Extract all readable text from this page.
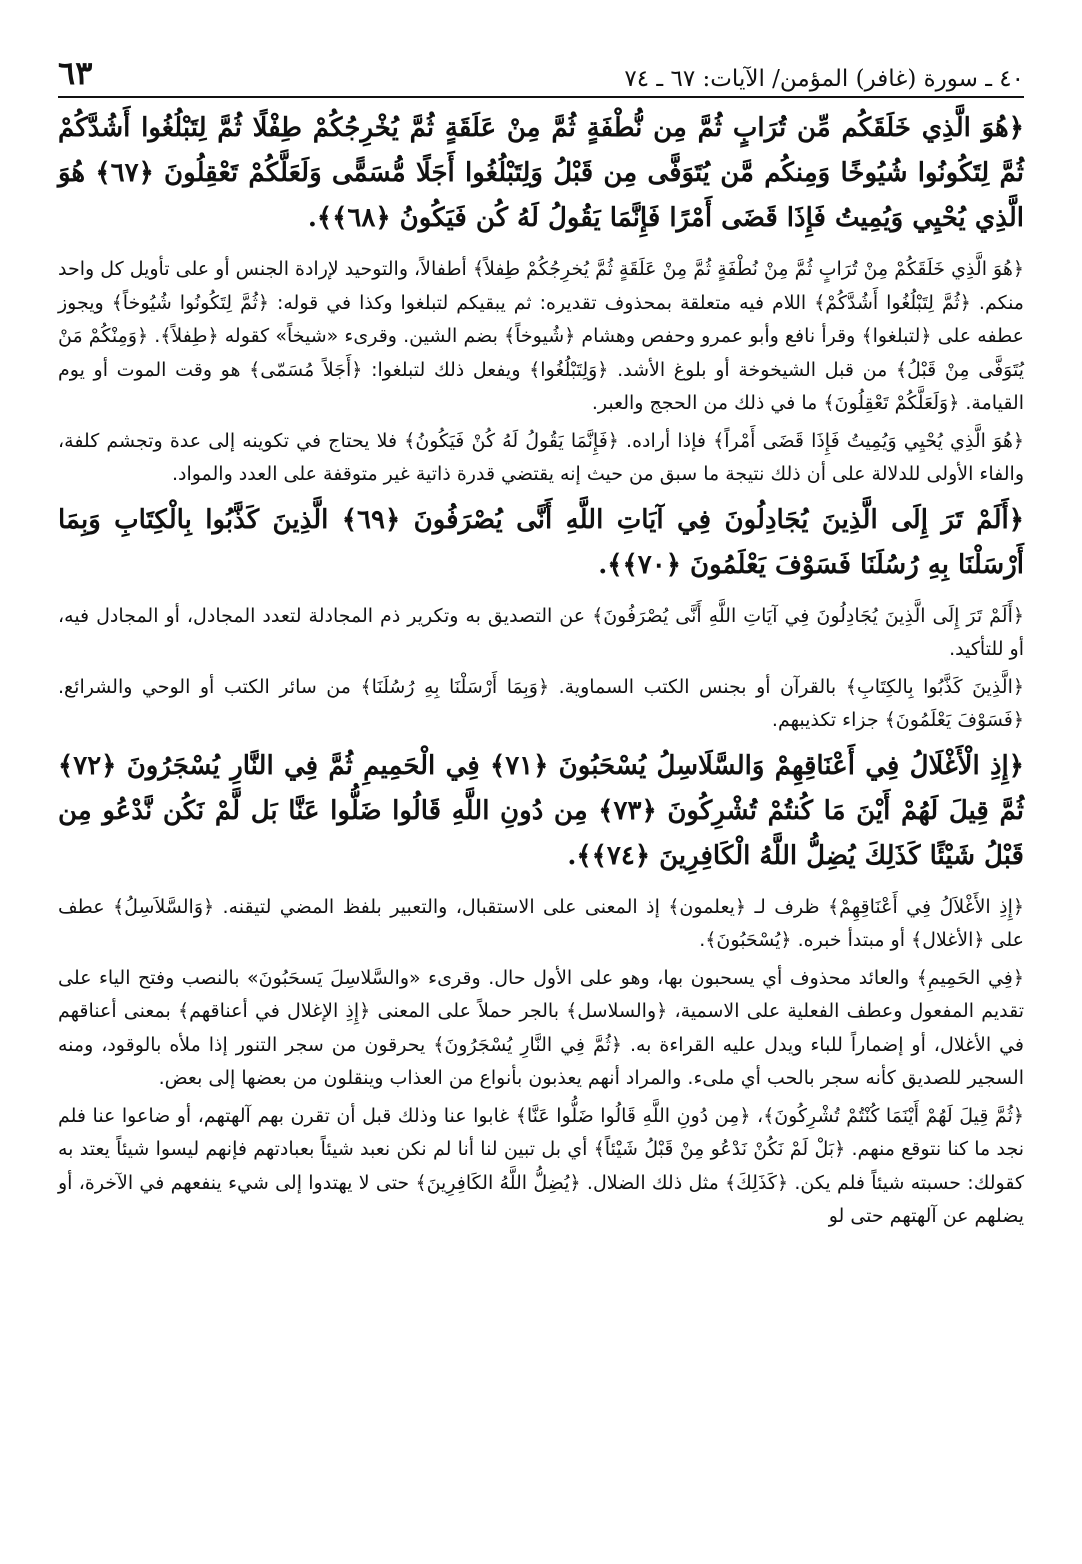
٤٠ ـ سورة (غافر) المؤمن/ الآيات: ٦٧ ـ ٧٤
٦٣

﴿هُوَ الَّذِي خَلَقَكُم مِّن تُرَابٍ ثُمَّ مِن نُّطْفَةٍ ثُمَّ مِنْ عَلَقَةٍ ثُمَّ يُخْرِجُكُمْ طِفْلًا ثُمَّ لِتَبْلُغُوا أَشُدَّكُمْ ثُمَّ لِتَكُونُوا شُيُوخًا وَمِنكُم مَّن يُتَوَفَّى مِن قَبْلُ وَلِتَبْلُغُوا أَجَلًا مُّسَمًّى وَلَعَلَّكُمْ تَعْقِلُونَ ﴿٦٧﴾ هُوَ الَّذِي يُحْيِي وَيُمِيتُ فَإِذَا قَضَى أَمْرًا فَإِنَّمَا يَقُولُ لَهُ كُن فَيَكُونُ ﴿٦٨﴾﴾.

﴿هُوَ الَّذِي خَلَقَكُمْ مِنْ تُرَابٍ ثُمَّ مِنْ نُطْفَةٍ ثُمَّ مِنْ عَلَقَةٍ ثُمَّ يُخرِجُكُمْ طِفلاً﴾ أطفالاً، والتوحيد لإرادة الجنس أو على تأويل كل واحد منكم. ﴿ثُمَّ لِتَبْلُغُوا أَشُدَّكُمْ﴾ اللام فيه متعلقة بمحذوف تقديره: ثم يبقيكم لتبلغوا وكذا في قوله: ﴿ثُمَّ لِتَكُونُوا شُيُوخاً﴾ ويجوز عطفه على ﴿لتبلغوا﴾ وقرأ نافع وأبو عمرو وحفص وهشام ﴿شُيوخاً﴾ بضم الشين. وقرىء «شيخاً» كقوله ﴿طِفلاً﴾. ﴿وَمِنْكُمْ مَنْ يُتَوَفَّى مِنْ قَبْلُ﴾ من قبل الشيخوخة أو بلوغ الأشد. ﴿وَلِتَبْلُغُوا﴾ ويفعل ذلك لتبلغوا: ﴿أَجَلاً مُسَمّى﴾ هو وقت الموت أو يوم القيامة. ﴿وَلَعَلَّكُمْ تَعْقِلُونَ﴾ ما في ذلك من الحجج والعبر.

﴿هُوَ الَّذِي يُحْيِي وَيُمِيتُ فَإِذَا قَضَى أَمْراً﴾ فإذا أراده. ﴿فَإِنَّمَا يَقُولُ لَهُ كُنْ فَيَكُونُ﴾ فلا يحتاج في تكوينه إلى عدة وتجشم كلفة، والفاء الأولى للدلالة على أن ذلك نتيجة ما سبق من حيث إنه يقتضي قدرة ذاتية غير متوقفة على العدد والمواد.

﴿أَلَمْ تَرَ إِلَى الَّذِينَ يُجَادِلُونَ فِي آيَاتِ اللَّهِ أَنَّى يُصْرَفُونَ ﴿٦٩﴾ الَّذِينَ كَذَّبُوا بِالْكِتَابِ وَبِمَا أَرْسَلْنَا بِهِ رُسُلَنَا فَسَوْفَ يَعْلَمُونَ ﴿٧٠﴾﴾.

﴿أَلَمْ تَرَ إِلَى الَّذِينَ يُجَادِلُونَ فِي آيَاتِ اللَّهِ أَنَّى يُصْرَفُونَ﴾ عن التصديق به وتكرير ذم المجادلة لتعدد المجادل، أو المجادل فيه، أو للتأكيد.

﴿الَّذِينَ كَذَّبُوا بِالكِتَابِ﴾ بالقرآن أو بجنس الكتب السماوية. ﴿وَبِمَا أَرْسَلْنَا بِهِ رُسُلَنَا﴾ من سائر الكتب أو الوحي والشرائع. ﴿فَسَوْفَ يَعْلَمُونَ﴾ جزاء تكذيبهم.

﴿إِذِ الْأَغْلَالُ فِي أَعْنَاقِهِمْ وَالسَّلَاسِلُ يُسْحَبُونَ ﴿٧١﴾ فِي الْحَمِيمِ ثُمَّ فِي النَّارِ يُسْجَرُونَ ﴿٧٢﴾ ثُمَّ قِيلَ لَهُمْ أَيْنَ مَا كُنتُمْ تُشْرِكُونَ ﴿٧٣﴾ مِن دُونِ اللَّهِ قَالُوا ضَلُّوا عَنَّا بَل لَّمْ نَكُن نَّدْعُو مِن قَبْلُ شَيْئًا كَذَلِكَ يُضِلُّ اللَّهُ الْكَافِرِينَ ﴿٧٤﴾﴾.

﴿إِذِ الأَغْلاَلُ فِي أَعْنَاقِهِمْ﴾ ظرف لـ ﴿يعلمون﴾ إذ المعنى على الاستقبال، والتعبير بلفظ المضي لتيقنه. ﴿وَالسَّلاَسِلُ﴾ عطف على ﴿الأغلال﴾ أو مبتدأ خبره. ﴿يُسْحَبُونَ﴾.

﴿فِي الحَمِيمِ﴾ والعائد محذوف أي يسحبون بها، وهو على الأول حال. وقرىء «والسَّلاسِلَ يَسحَبُونَ» بالنصب وفتح الياء على تقديم المفعول وعطف الفعلية على الاسمية، ﴿والسلاسل﴾ بالجر حملاً على المعنى ﴿إِذِ الإغلال في أعناقهم﴾ بمعنى أعناقهم في الأغلال، أو إضماراً للباء ويدل عليه القراءة به. ﴿ثُمَّ فِي النَّارِ يُسْجَرُونَ﴾ يحرقون من سجر التنور إذا ملأه بالوقود، ومنه السجير للصديق كأنه سجر بالحب أي ملىء. والمراد أنهم يعذبون بأنواع من العذاب وينقلون من بعضها إلى بعض.

﴿ثُمَّ قِيلَ لَهُمْ أَيْنَمَا كُنْتُمْ تُشْرِكُونَ﴾، ﴿مِن دُونِ اللَّهِ قَالُوا ضَلُّوا عَنَّا﴾ غابوا عنا وذلك قبل أن تقرن بهم آلهتهم، أو ضاعوا عنا فلم نجد ما كنا نتوقع منهم. ﴿بَلْ لَمْ نَكُنْ نَدْعُو مِنْ قَبْلُ شَيْئاً﴾ أي بل تبين لنا أنا لم نكن نعبد شيئاً بعبادتهم فإنهم ليسوا شيئاً يعتد به كقولك: حسبته شيئاً فلم يكن. ﴿كَذَلِكَ﴾ مثل ذلك الضلال. ﴿يُضِلُّ اللَّهُ الكَافِرِينَ﴾ حتى لا يهتدوا إلى شيء ينفعهم في الآخرة، أو يضلهم عن آلهتهم حتى لو
